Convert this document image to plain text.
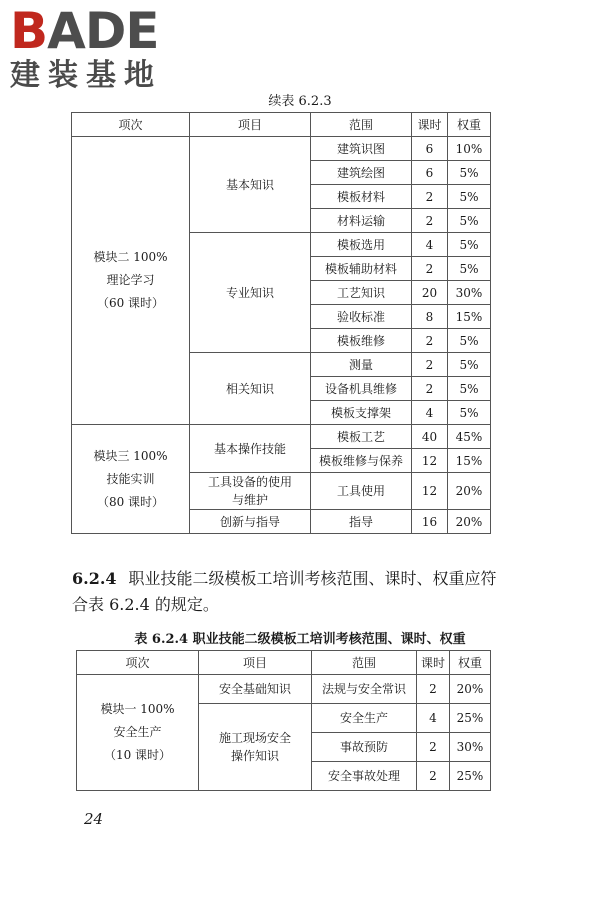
BADE
建装基地
续表 6.2.3
项次	项目	范围	课时	权重

模块二 100%
理论学习
（60 课时）	基本知识	建筑识图	6	10%
		建筑绘图	6	5%
		模板材料	2	5%
		材料运输	2	5%

	专业知识	模板选用	4	5%
		模板辅助材料	2	5%
		工艺知识	20	30%
		验收标准	8	15%
		模板维修	2	5%

	相关知识	测量	2	5%
		设备机具维修	2	5%
		模板支撑架	4	5%

模块三 100%
技能实训
（80 课时）	基本操作技能	模板工艺	40	45%
		模板维修与保养	12	15%

	工具设备的使用
与维护	工具使用	12	20%

	创新与指导	指导	16	20%
6.2.4 职业技能二级模板工培训考核范围、课时、权重应符合表 6.2.4 的规定。
表 6.2.4 职业技能二级模板工培训考核范围、课时、权重
项次	项目	范围	课时	权重

模块一 100%
安全生产
（10 课时）	安全基础知识	法规与安全常识	2	20%

	施工现场安全
操作知识	安全生产	4	25%
		事故预防	2	30%
		安全事故处理	2	25%
24
